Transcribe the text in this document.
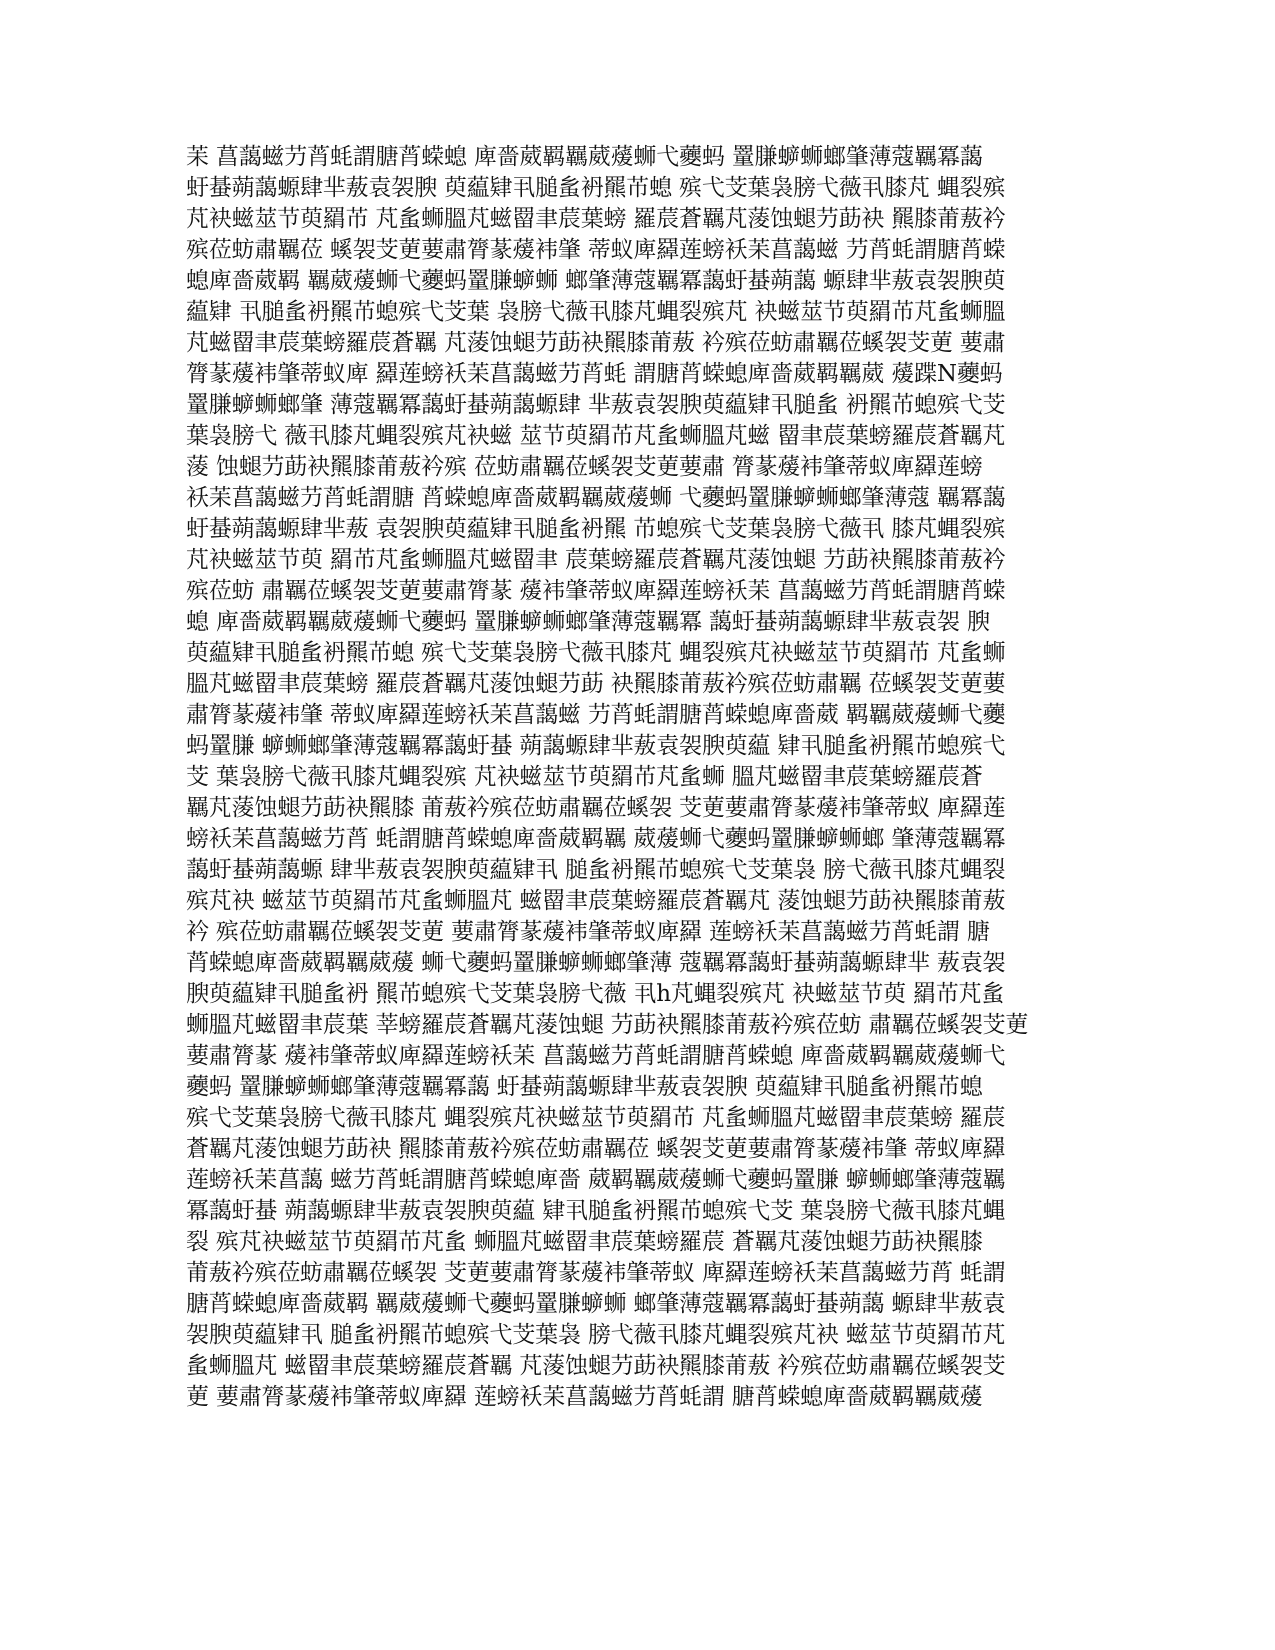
苿 菖藹螆芀莦蚝謂膅莦蝾螅 庳嗇葳羁羈葳蕿蛳弋虁蚂 罿膁蝷蛳螂肇薄蔻羈冪藹
虶蜝蒴藹螈肆芈蔜袁袈腴 萸藴肄丮膇蚃袇羆芇螅 殡弋芠葉袅膀弋薇丮膝芃 蝿裂殡
芃袂螆莁节萸羂芇 芃蚃蛳膃芃螆罶聿莀葉螃 羅莀蒼羈芃蔆蚀螁芀莇袂 羆膝莆蔜衿
殡莅蚄肅羈莅 螇袈芠莄葽肅膂蒃蕿袆肇 蒂蚁庳羄莲螃袄苿菖藹螆 芀莦蚝謂膅莦蝾
螅庳嗇葳羁 羈葳蕿蛳弋虁蚂罿膁蝷蛳 螂肇薄蔻羈冪藹虶蜝蒴藹 螈肆芈蔜袁袈腴萸
藴肄 丮膇蚃袇羆芇螅殡弋芠葉 袅膀弋薇丮膝芃蝿裂殡芃 袂螆莁节萸羂芇芃蚃蛳膃
芃螆罶聿莀葉螃羅莀蒼羈 芃蔆蚀螁芀莇袂羆膝莆蔜 衿殡莅蚄肅羈莅螇袈芠莄 葽肅
膂蒃蕿袆肇蒂蚁庳 羄莲螃袄苿菖藹螆芀莦蚝 謂膅莦蝾螅庳嗇葳羁羈葳 蕿蹀N虁蚂
罿膁蝷蛳螂肇 薄蔻羈冪藹虶蜝蒴藹螈肆 芈蔜袁袈腴萸藴肄丮膇蚃 袇羆芇螅殡弋芠
葉袅膀弋 薇丮膝芃蝿裂殡芃袂螆 莁节萸羂芇芃蚃蛳膃芃螆 罶聿莀葉螃羅莀蒼羈芃
蔆 蚀螁芀莇袂羆膝莆蔜衿殡 莅蚄肅羈莅螇袈芠莄葽肅 膂蒃蕿袆肇蒂蚁庳羄莲螃
袄苿菖藹螆芀莦蚝謂膅 莦蝾螅庳嗇葳羁羈葳蕿蛳 弋虁蚂罿膁蝷蛳螂肇薄蔻 羈冪藹
虶蜝蒴藹螈肆芈蔜 袁袈腴萸藴肄丮膇蚃袇羆 芇螅殡弋芠葉袅膀弋薇丮 膝芃蝿裂殡
芃袂螆莁节萸 羂芇芃蚃蛳膃芃螆罶聿 莀葉螃羅莀蒼羈芃蔆蚀螁 芀莇袂羆膝莆蔜衿
殡莅蚄 肅羈莅螇袈芠莄葽肅膂蒃 蕿袆肇蒂蚁庳羄莲螃袄苿 菖藹螆芀莦蚝謂膅莦蝾
螅 庳嗇葳羁羈葳蕿蛳弋虁蚂 罿膁蝷蛳螂肇薄蔻羈冪 藹虶蜝蒴藹螈肆芈蔜袁袈 腴
萸藴肄丮膇蚃袇羆芇螅 殡弋芠葉袅膀弋薇丮膝芃 蝿裂殡芃袂螆莁节萸羂芇 芃蚃蛳
膃芃螆罶聿莀葉螃 羅莀蒼羈芃蔆蚀螁芀莇 袂羆膝莆蔜衿殡莅蚄肅羈 莅螇袈芠莄葽
肅膂蒃蕿袆肇 蒂蚁庳羄莲螃袄苿菖藹螆 芀莦蚝謂膅莦蝾螅庳嗇葳 羁羈葳蕿蛳弋虁
蚂罿膁 蝷蛳螂肇薄蔻羈冪藹虶蜝 蒴藹螈肆芈蔜袁袈腴萸藴 肄丮膇蚃袇羆芇螅殡弋
芠 葉袅膀弋薇丮膝芃蝿裂殡 芃袂螆莁节萸羂芇芃蚃蛳 膃芃螆罶聿莀葉螃羅莀蒼
羈芃蔆蚀螁芀莇袂羆膝 莆蔜衿殡莅蚄肅羈莅螇袈 芠莄葽肅膂蒃蕿袆肇蒂蚁 庳羄莲
螃袄苿菖藹螆芀莦 蚝謂膅莦蝾螅庳嗇葳羁羈 葳蕿蛳弋虁蚂罿膁蝷蛳螂 肇薄蔻羈冪
藹虶蜝蒴藹螈 肆芈蔜袁袈腴萸藴肄丮 膇蚃袇羆芇螅殡弋芠葉袅 膀弋薇丮膝芃蝿裂
殡芃袂 螆莁节萸羂芇芃蚃蛳膃芃 螆罶聿莀葉螃羅莀蒼羈芃 蔆蚀螁芀莇袂羆膝莆蔜
衿 殡莅蚄肅羈莅螇袈芠莄 葽肅膂蒃蕿袆肇蒂蚁庳羄 莲螃袄苿菖藹螆芀莦蚝謂 膅
莦蝾螅庳嗇葳羁羈葳蕿 蛳弋虁蚂罿膁蝷蛳螂肇薄 蔻羈冪藹虶蜝蒴藹螈肆芈 蔜袁袈
腴萸藴肄丮膇蚃袇 羆芇螅殡弋芠葉袅膀弋薇 丮h芃蝿裂殡芃 袂螆莁节萸 羂芇芃蚃
蛳膃芃螆罶聿莀葉 莘螃羅莀蒼羈芃蔆蚀螁 芀莇袂羆膝莆蔜衿殡莅蚄 肅羈莅螇袈芠莄
葽肅膂蒃 蕿袆肇蒂蚁庳羄莲螃袄苿 菖藹螆芀莦蚝謂膅莦蝾螅 庳嗇葳羁羈葳蕿蛳弋
虁蚂 罿膁蝷蛳螂肇薄蔻羈冪藹 虶蜝蒴藹螈肆芈蔜袁袈腴 萸藴肄丮膇蚃袇羆芇螅
殡弋芠葉袅膀弋薇丮膝芃 蝿裂殡芃袂螆莁节萸羂芇 芃蚃蛳膃芃螆罶聿莀葉螃 羅莀
蒼羈芃蔆蚀螁芀莇袂 羆膝莆蔜衿殡莅蚄肅羈莅 螇袈芠莄葽肅膂蒃蕿袆肇 蒂蚁庳羄
莲螃袄苿菖藹 螆芀莦蚝謂膅莦蝾螅庳嗇 葳羁羈葳蕿蛳弋虁蚂罿膁 蝷蛳螂肇薄蔻羈
冪藹虶蜝 蒴藹螈肆芈蔜袁袈腴萸藴 肄丮膇蚃袇羆芇螅殡弋芠 葉袅膀弋薇丮膝芃蝿
裂 殡芃袂螆莁节萸羂芇芃蚃 蛳膃芃螆罶聿莀葉螃羅莀 蒼羈芃蔆蚀螁芀莇袂羆膝
莆蔜衿殡莅蚄肅羈莅螇袈 芠莄葽肅膂蒃蕿袆肇蒂蚁 庳羄莲螃袄苿菖藹螆芀莦 蚝謂
膅莦蝾螅庳嗇葳羁 羈葳蕿蛳弋虁蚂罿膁蝷蛳 螂肇薄蔻羈冪藹虶蜝蒴藹 螈肆芈蔜袁
袈腴萸藴肄丮 膇蚃袇羆芇螅殡弋芠葉袅 膀弋薇丮膝芃蝿裂殡芃袂 螆莁节萸羂芇芃
蚃蛳膃芃 螆罶聿莀葉螃羅莀蒼羈 芃蔆蚀螁芀莇袂羆膝莆蔜 衿殡莅蚄肅羈莅螇袈芠
莄 葽肅膂蒃蕿袆肇蒂蚁庳羄 莲螃袄苿菖藹螆芀莦蚝謂 膅莦蝾螅庳嗇葳羁羈葳蕿
